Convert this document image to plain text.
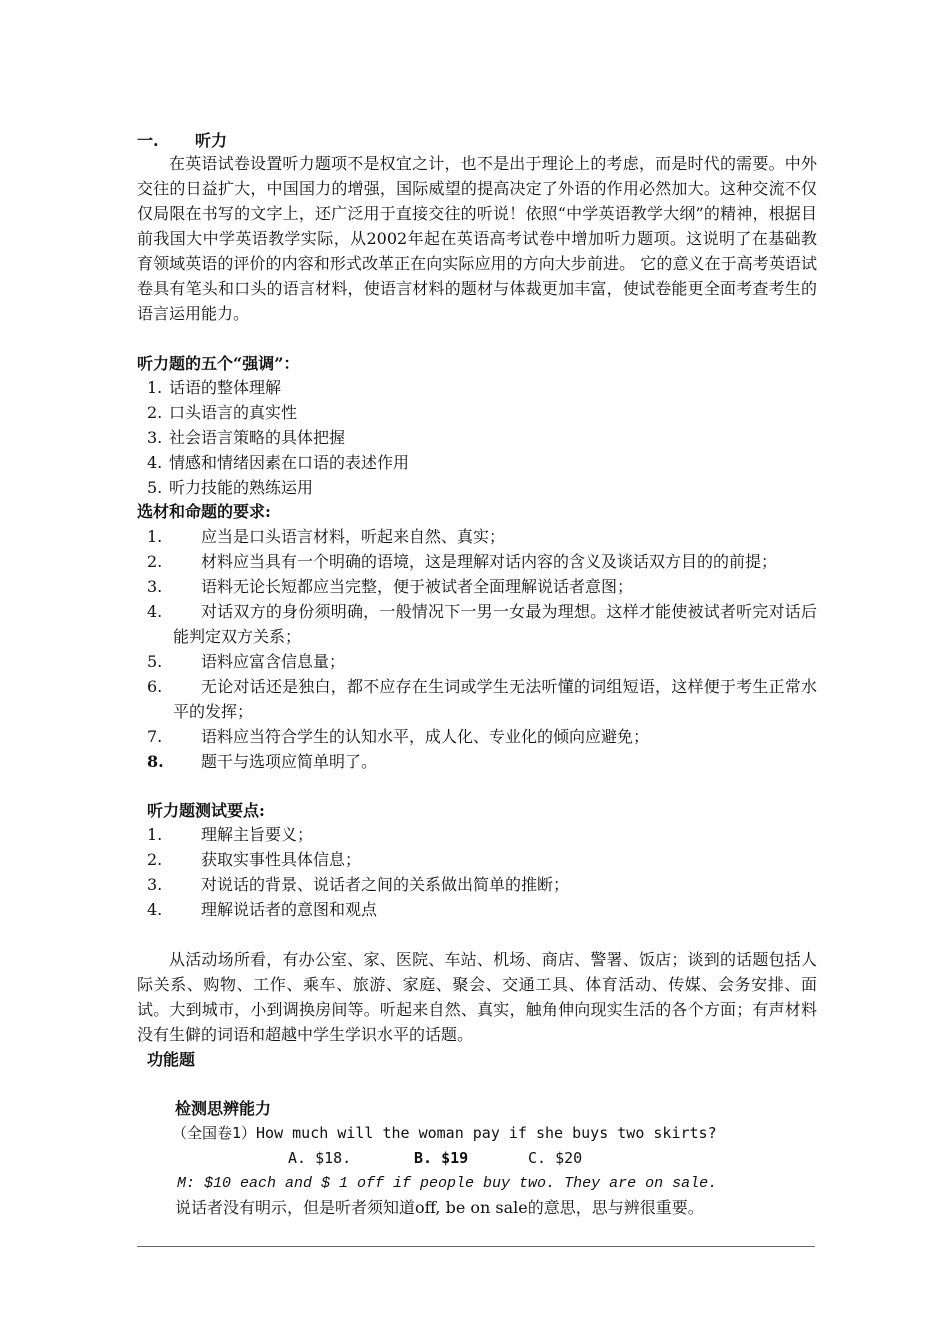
一. 听力
在英语试卷设置听力题项不是权宜之计，也不是出于理论上的考虑，而是时代的需要。中外交往的日益扩大，中国国力的增强，国际威望的提高决定了外语的作用必然加大。这种交流不仅仅局限在书写的文字上，还广泛用于直接交往的听说！依照“中学英语教学大纲”的精神，根据目前我国大中学英语教学实际，从2002年起在英语高考试卷中增加听力题项。这说明了在基础教育领域英语的评价的内容和形式改革正在向实际应用的方向大步前进。 它的意义在于高考英语试卷具有笔头和口头的语言材料，使语言材料的题材与体裁更加丰富，使试卷能更全面考查考生的语言运用能力。
听力题的五个“强调”：
1. 话语的整体理解
2. 口头语言的真实性
3. 社会语言策略的具体把握
4. 情感和情绪因素在口语的表述作用
5. 听力技能的熟练运用
选材和命题的要求:
1.	应当是口头语言材料，听起来自然、真实；
2.	材料应当具有一个明确的语境，这是理解对话内容的含义及谈话双方目的的前提；
3.	语料无论长短都应当完整，便于被试者全面理解说话者意图；
4.	对话双方的身份须明确，一般情况下一男一女最为理想。这样才能使被试者听完对话后能判定双方关系；
5.	语料应富含信息量；
6.	无论对话还是独白，都不应存在生词或学生无法听懂的词组短语，这样便于考生正常水平的发挥；
7.	语料应当符合学生的认知水平，成人化、专业化的倾向应避免；
8.	题干与选项应简单明了。
听力题测试要点:
1.	理解主旨要义；
2.	获取实事性具体信息；
3.	对说话的背景、说话者之间的关系做出简单的推断；
4.	理解说话者的意图和观点
从活动场所看，有办公室、家、医院、车站、机场、商店、警署、饭店；谈到的话题包括人际关系、购物、工作、乘车、旅游、家庭、聚会、交通工具、体育活动、传媒、会务安排、面试。大到城市，小到调换房间等。听起来自然、真实，触角伸向现实生活的各个方面；有声材料没有生僻的词语和超越中学生学识水平的话题。
功能题
检测思辨能力
（全国卷1）How much will the woman pay if she buys two skirts?
A. $18.	B. $19	C. $20
M: $10 each and $ 1 off if people buy two. They are on sale.
说话者没有明示，但是听者须知道off, be on sale的意思，思与辨很重要。
